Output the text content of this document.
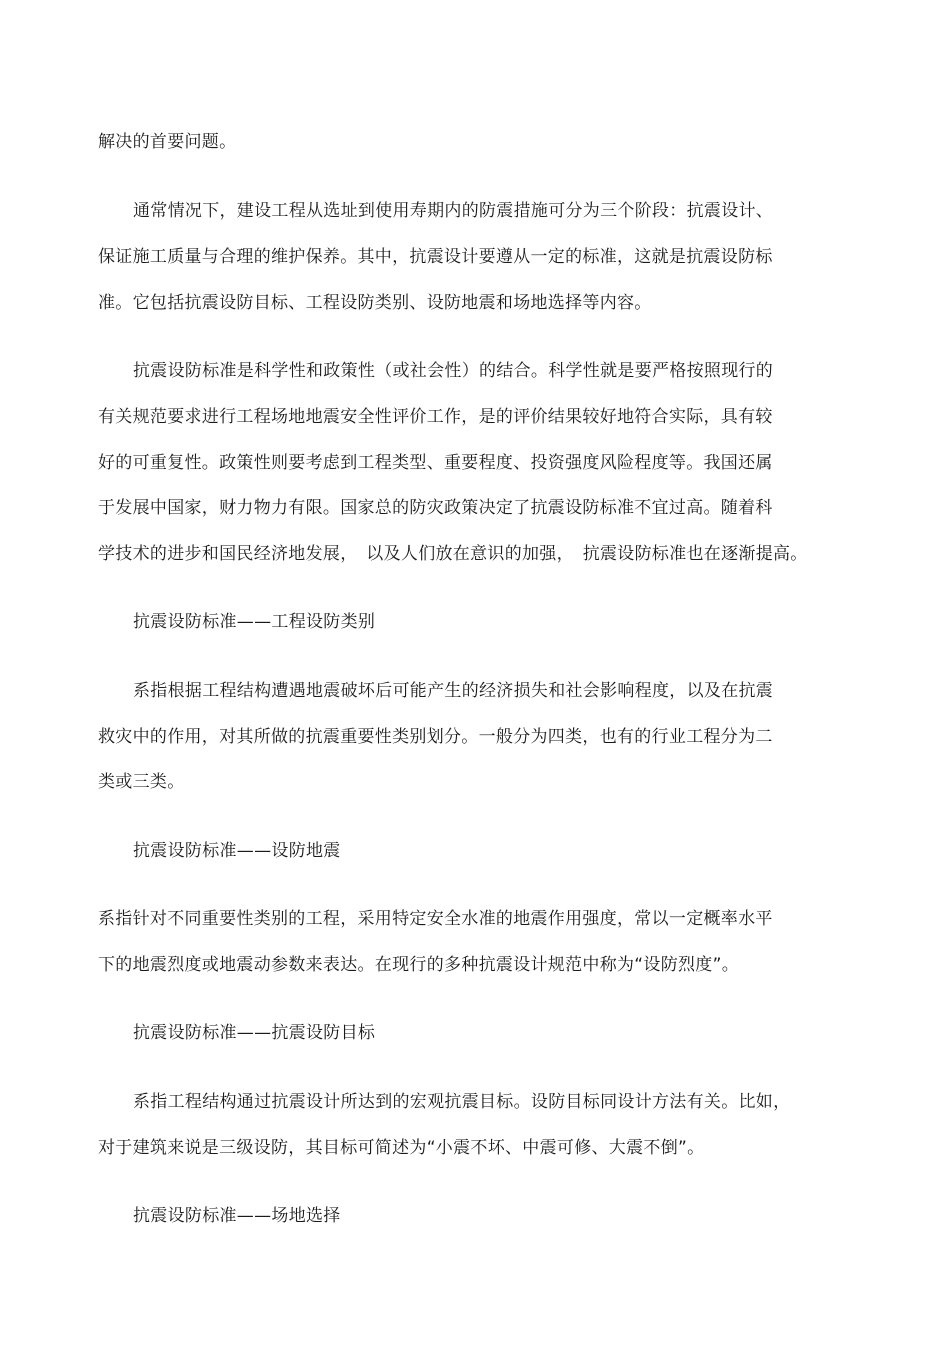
解决的首要问题。
通常情况下，建设工程从选址到使用寿期内的防震措施可分为三个阶段：抗震设计、
保证施工质量与合理的维护保养。其中，抗震设计要遵从一定的标准，这就是抗震设防标
准。它包括抗震设防目标、工程设防类别、设防地震和场地选择等内容。
抗震设防标准是科学性和政策性（或社会性）的结合。科学性就是要严格按照现行的
有关规范要求进行工程场地地震安全性评价工作，是的评价结果较好地符合实际，具有较
好的可重复性。政策性则要考虑到工程类型、重要程度、投资强度风险程度等。我国还属
于发展中国家，财力物力有限。国家总的防灾政策决定了抗震设防标准不宜过高。随着科
学技术的进步和国民经济地发展，　以及人们放在意识的加强，　抗震设防标准也在逐渐提高。
抗震设防标准——工程设防类别
系指根据工程结构遭遇地震破坏后可能产生的经济损失和社会影响程度，以及在抗震
救灾中的作用，对其所做的抗震重要性类别划分。一般分为四类，也有的行业工程分为二
类或三类。
抗震设防标准——设防地震
系指针对不同重要性类别的工程，采用特定安全水准的地震作用强度，常以一定概率水平
下的地震烈度或地震动参数来表达。在现行的多种抗震设计规范中称为“设防烈度”。
抗震设防标准——抗震设防目标
系指工程结构通过抗震设计所达到的宏观抗震目标。设防目标同设计方法有关。比如，
对于建筑来说是三级设防，其目标可简述为“小震不坏、中震可修、大震不倒”。
抗震设防标准——场地选择
